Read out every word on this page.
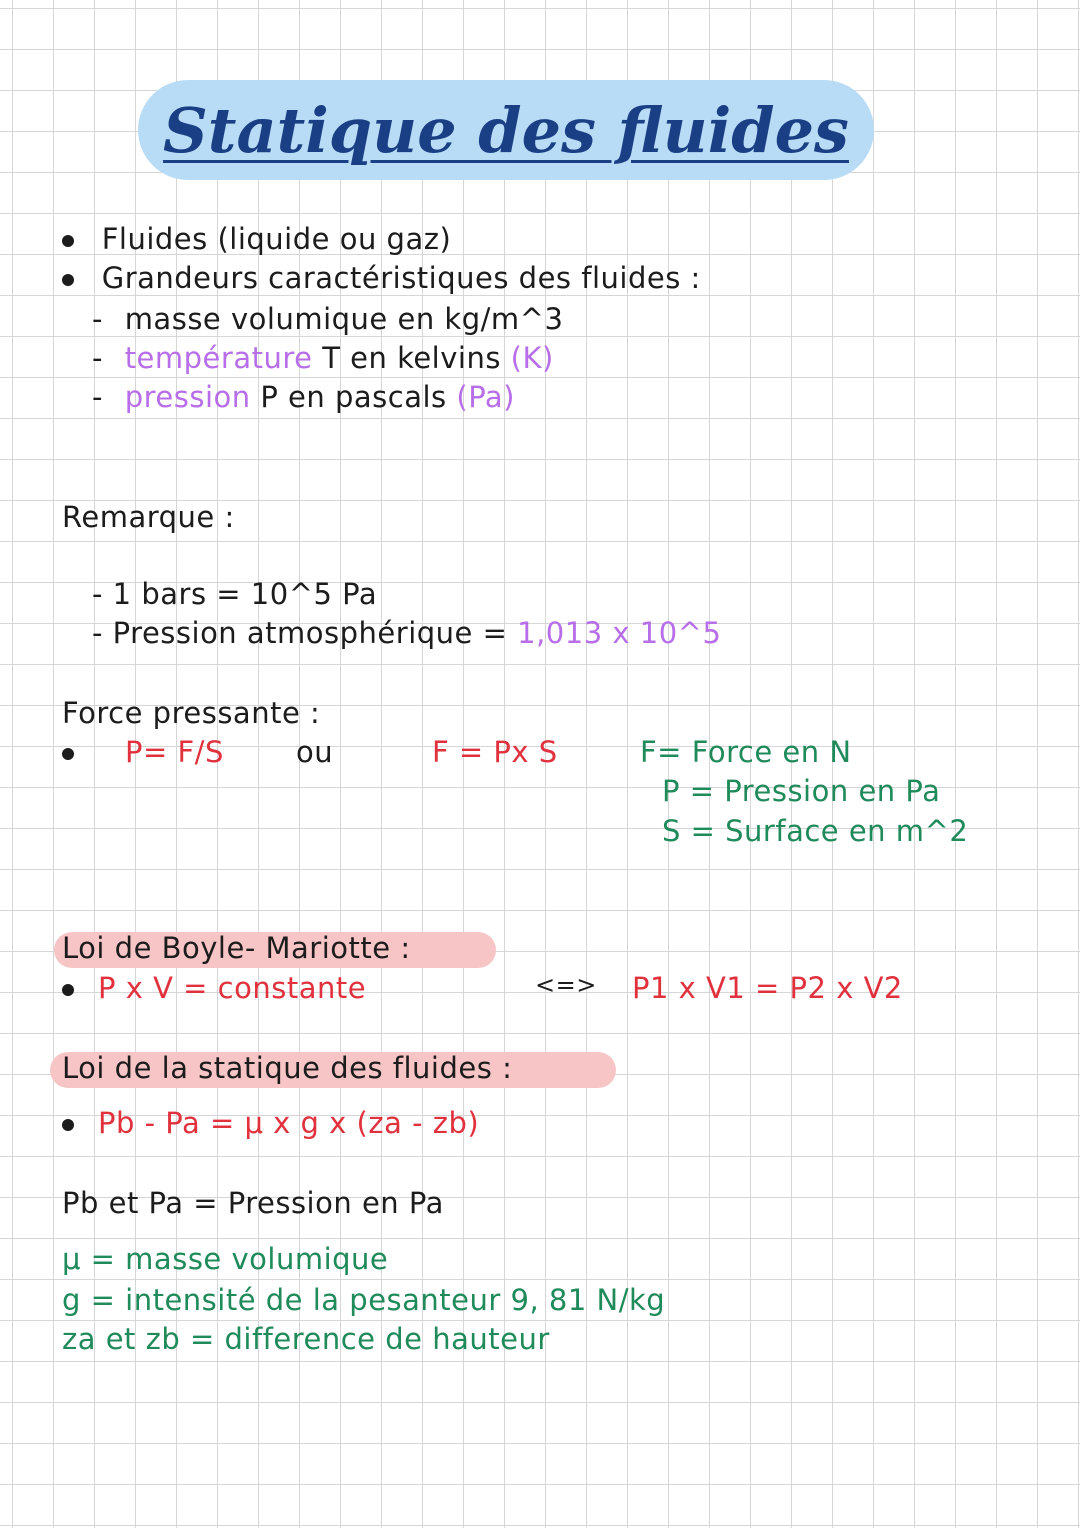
Statique des fluides
Fluides (liquide ou gaz)
Grandeurs caractéristiques des fluides :
- masse volumique en kg/m^3
- température T en kelvins (K)
- pression P en pascals (Pa)
Remarque :
- 1 bars = 10^5 Pa
- Pression atmosphérique = 1,013 x 10^5
Force pressante :
P= F/S ou	F = Px S	F= Force en N
P = Pression en Pa
S = Surface en m^2
Loi de Boyle- Mariotte :
P x V = constante	<=> P1 x V1 = P2 x V2
Loi de la statique des fluides :
Pb - Pa = μ x g x (za - zb)
Pb et Pa = Pression en Pa
μ = masse volumique
g = intensité de la pesanteur 9, 81 N/kg
za et zb = difference de hauteur
